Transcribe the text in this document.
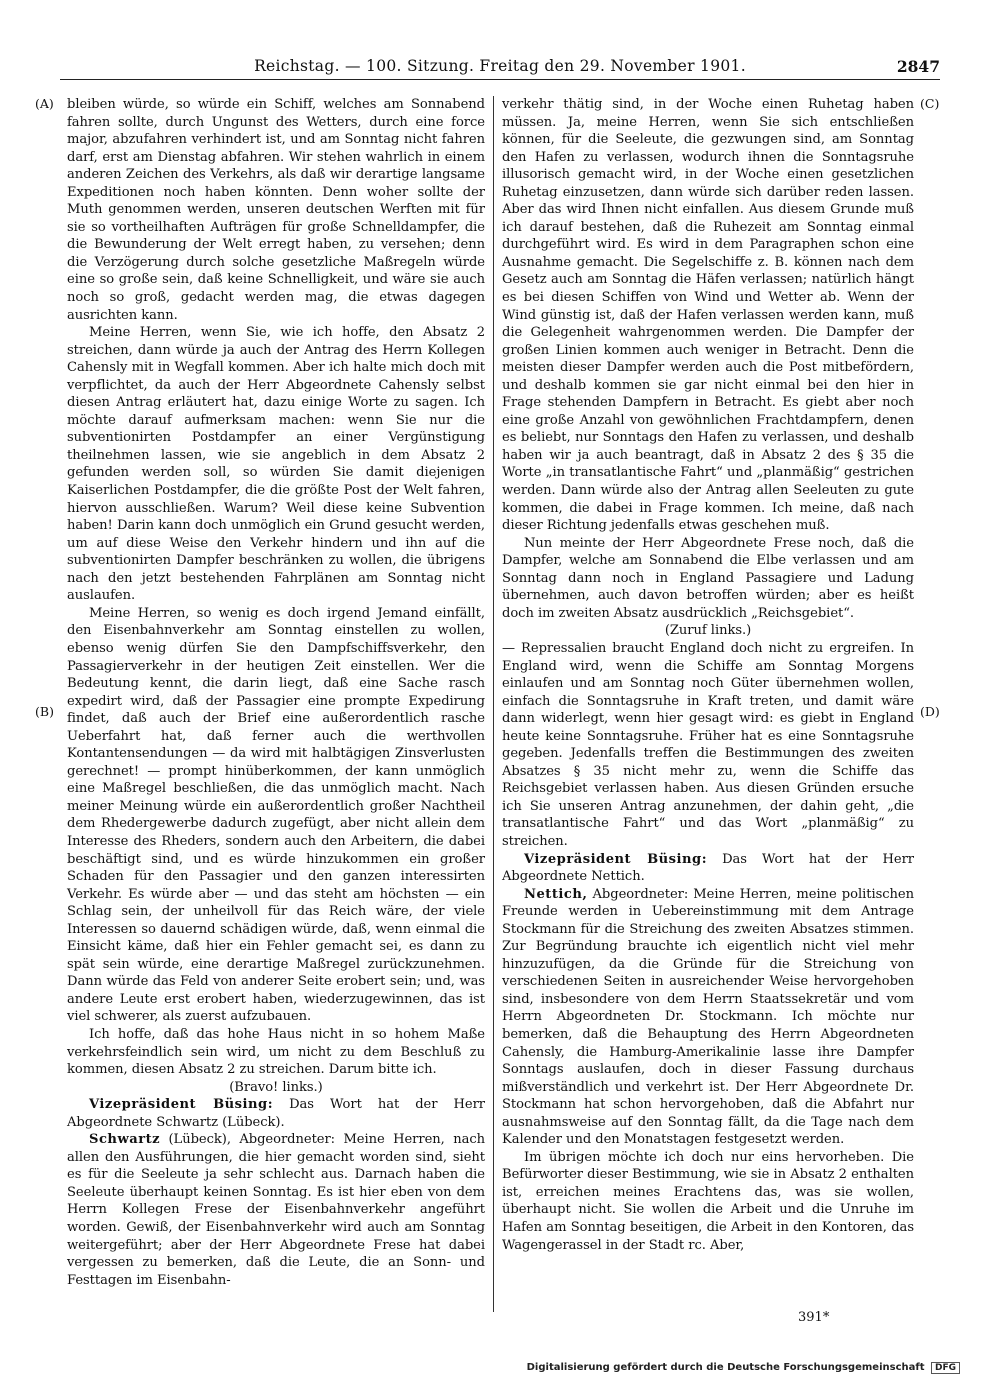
Reichstag. — 100. Sitzung. Freitag den 29. November 1901.	2847
(A)
(B)
(C)
(D)

bleiben würde, so würde ein Schiff, welches am Sonnabend fahren sollte, durch Ungunst des Wetters, durch eine force major, abzufahren verhindert ist, und am Sonntag nicht fahren darf, erst am Dienstag abfahren. Wir stehen wahrlich in einem anderen Zeichen des Verkehrs, als daß wir derartige langsame Expeditionen noch haben könnten. Denn woher sollte der Muth genommen werden, unseren deutschen Werften mit für sie so vortheilhaften Aufträgen für große Schnelldampfer, die die Bewunderung der Welt erregt haben, zu versehen; denn die Verzögerung durch solche gesetzliche Maßregeln würde eine so große sein, daß keine Schnelligkeit, und wäre sie auch noch so groß, gedacht werden mag, die etwas dagegen ausrichten kann.

Meine Herren, wenn Sie, wie ich hoffe, den Absatz 2 streichen, dann würde ja auch der Antrag des Herrn Kollegen Cahensly mit in Wegfall kommen. Aber ich halte mich doch mit verpflichtet, da auch der Herr Abgeordnete Cahensly selbst diesen Antrag erläutert hat, dazu einige Worte zu sagen. Ich möchte darauf aufmerksam machen: wenn Sie nur die subventionirten Postdampfer an einer Vergünstigung theilnehmen lassen, wie sie angeblich in dem Absatz 2 gefunden werden soll, so würden Sie damit diejenigen Kaiserlichen Postdampfer, die die größte Post der Welt fahren, hiervon ausschließen. Warum? Weil diese keine Subvention haben! Darin kann doch unmöglich ein Grund gesucht werden, um auf diese Weise den Verkehr hindern und ihn auf die subventionirten Dampfer beschränken zu wollen, die übrigens nach den jetzt bestehenden Fahrplänen am Sonntag nicht auslaufen.

Meine Herren, so wenig es doch irgend Jemand einfällt, den Eisenbahnverkehr am Sonntag einstellen zu wollen, ebenso wenig dürfen Sie den Dampfschiffsverkehr, den Passagierverkehr in der heutigen Zeit einstellen. Wer die Bedeutung kennt, die darin liegt, daß eine Sache rasch expedirt wird, daß der Passagier eine prompte Expedirung findet, daß auch der Brief eine außerordentlich rasche Ueberfahrt hat, daß ferner auch die werthvollen Kontantensendungen — da wird mit halbtägigen Zinsverlusten gerechnet! — prompt hinüberkommen, der kann unmöglich eine Maßregel beschließen, die das unmöglich macht. Nach meiner Meinung würde ein außerordentlich großer Nachtheil dem Rhedergewerbe dadurch zugefügt, aber nicht allein dem Interesse des Rheders, sondern auch den Arbeitern, die dabei beschäftigt sind, und es würde hinzukommen ein großer Schaden für den Passagier und den ganzen interessirten Verkehr. Es würde aber — und das steht am höchsten — ein Schlag sein, der unheilvoll für das Reich wäre, der viele Interessen so dauernd schädigen würde, daß, wenn einmal die Einsicht käme, daß hier ein Fehler gemacht sei, es dann zu spät sein würde, eine derartige Maßregel zurückzunehmen. Dann würde das Feld von anderer Seite erobert sein; und, was andere Leute erst erobert haben, wiederzugewinnen, das ist viel schwerer, als zuerst aufzubauen.

Ich hoffe, daß das hohe Haus nicht in so hohem Maße verkehrsfeindlich sein wird, um nicht zu dem Beschluß zu kommen, diesen Absatz 2 zu streichen. Darum bitte ich.

(Bravo! links.)

Vizepräsident Büsing: Das Wort hat der Herr Abgeordnete Schwartz (Lübeck).

Schwartz (Lübeck), Abgeordneter: Meine Herren, nach allen den Ausführungen, die hier gemacht worden sind, sieht es für die Seeleute ja sehr schlecht aus. Darnach haben die Seeleute überhaupt keinen Sonntag. Es ist hier eben von dem Herrn Kollegen Frese der Eisenbahnverkehr angeführt worden. Gewiß, der Eisenbahnverkehr wird auch am Sonntag weitergeführt; aber der Herr Abgeordnete Frese hat dabei vergessen zu bemerken, daß die Leute, die an Sonn- und Festtagen im Eisenbahn-

verkehr thätig sind, in der Woche einen Ruhetag haben müssen. Ja, meine Herren, wenn Sie sich entschließen können, für die Seeleute, die gezwungen sind, am Sonntag den Hafen zu verlassen, wodurch ihnen die Sonntagsruhe illusorisch gemacht wird, in der Woche einen gesetzlichen Ruhetag einzusetzen, dann würde sich darüber reden lassen. Aber das wird Ihnen nicht einfallen. Aus diesem Grunde muß ich darauf bestehen, daß die Ruhezeit am Sonntag einmal durchgeführt wird. Es wird in dem Paragraphen schon eine Ausnahme gemacht. Die Segelschiffe z. B. können nach dem Gesetz auch am Sonntag die Häfen verlassen; natürlich hängt es bei diesen Schiffen von Wind und Wetter ab. Wenn der Wind günstig ist, daß der Hafen verlassen werden kann, muß die Gelegenheit wahrgenommen werden. Die Dampfer der großen Linien kommen auch weniger in Betracht. Denn die meisten dieser Dampfer werden auch die Post mitbefördern, und deshalb kommen sie gar nicht einmal bei den hier in Frage stehenden Dampfern in Betracht. Es giebt aber noch eine große Anzahl von gewöhnlichen Frachtdampfern, denen es beliebt, nur Sonntags den Hafen zu verlassen, und deshalb haben wir ja auch beantragt, daß in Absatz 2 des § 35 die Worte „in transatlantische Fahrt“ und „planmäßig“ gestrichen werden. Dann würde also der Antrag allen Seeleuten zu gute kommen, die dabei in Frage kommen. Ich meine, daß nach dieser Richtung jedenfalls etwas geschehen muß.

Nun meinte der Herr Abgeordnete Frese noch, daß die Dampfer, welche am Sonnabend die Elbe verlassen und am Sonntag dann noch in England Passagiere und Ladung übernehmen, auch davon betroffen würden; aber es heißt doch im zweiten Absatz ausdrücklich „Reichsgebiet“.

(Zuruf links.)

— Repressalien braucht England doch nicht zu ergreifen. In England wird, wenn die Schiffe am Sonntag Morgens einlaufen und am Sonntag noch Güter übernehmen wollen, einfach die Sonntagsruhe in Kraft treten, und damit wäre dann widerlegt, wenn hier gesagt wird: es giebt in England heute keine Sonntagsruhe. Früher hat es eine Sonntagsruhe gegeben. Jedenfalls treffen die Bestimmungen des zweiten Absatzes § 35 nicht mehr zu, wenn die Schiffe das Reichsgebiet verlassen haben. Aus diesen Gründen ersuche ich Sie unseren Antrag anzunehmen, der dahin geht, „die transatlantische Fahrt“ und das Wort „planmäßig“ zu streichen.

Vizepräsident Büsing: Das Wort hat der Herr Abgeordnete Nettich.

Nettich, Abgeordneter: Meine Herren, meine politischen Freunde werden in Uebereinstimmung mit dem Antrage Stockmann für die Streichung des zweiten Absatzes stimmen. Zur Begründung brauchte ich eigentlich nicht viel mehr hinzuzufügen, da die Gründe für die Streichung von verschiedenen Seiten in ausreichender Weise hervorgehoben sind, insbesondere von dem Herrn Staatssekretär und vom Herrn Abgeordneten Dr. Stockmann. Ich möchte nur bemerken, daß die Behauptung des Herrn Abgeordneten Cahensly, die Hamburg-Amerikalinie lasse ihre Dampfer Sonntags auslaufen, doch in dieser Fassung durchaus mißverständlich und verkehrt ist. Der Herr Abgeordnete Dr. Stockmann hat schon hervorgehoben, daß die Abfahrt nur ausnahmsweise auf den Sonntag fällt, da die Tage nach dem Kalender und den Monatstagen festgesetzt werden.

Im übrigen möchte ich doch nur eins hervorheben. Die Befürworter dieser Bestimmung, wie sie in Absatz 2 enthalten ist, erreichen meines Erachtens das, was sie wollen, überhaupt nicht. Sie wollen die Arbeit und die Unruhe im Hafen am Sonntag beseitigen, die Arbeit in den Kontoren, das Wagengerassel in der Stadt rc. Aber,

391*
Digitalisierung gefördert durch die Deutsche Forschungsgemeinschaft DFG
